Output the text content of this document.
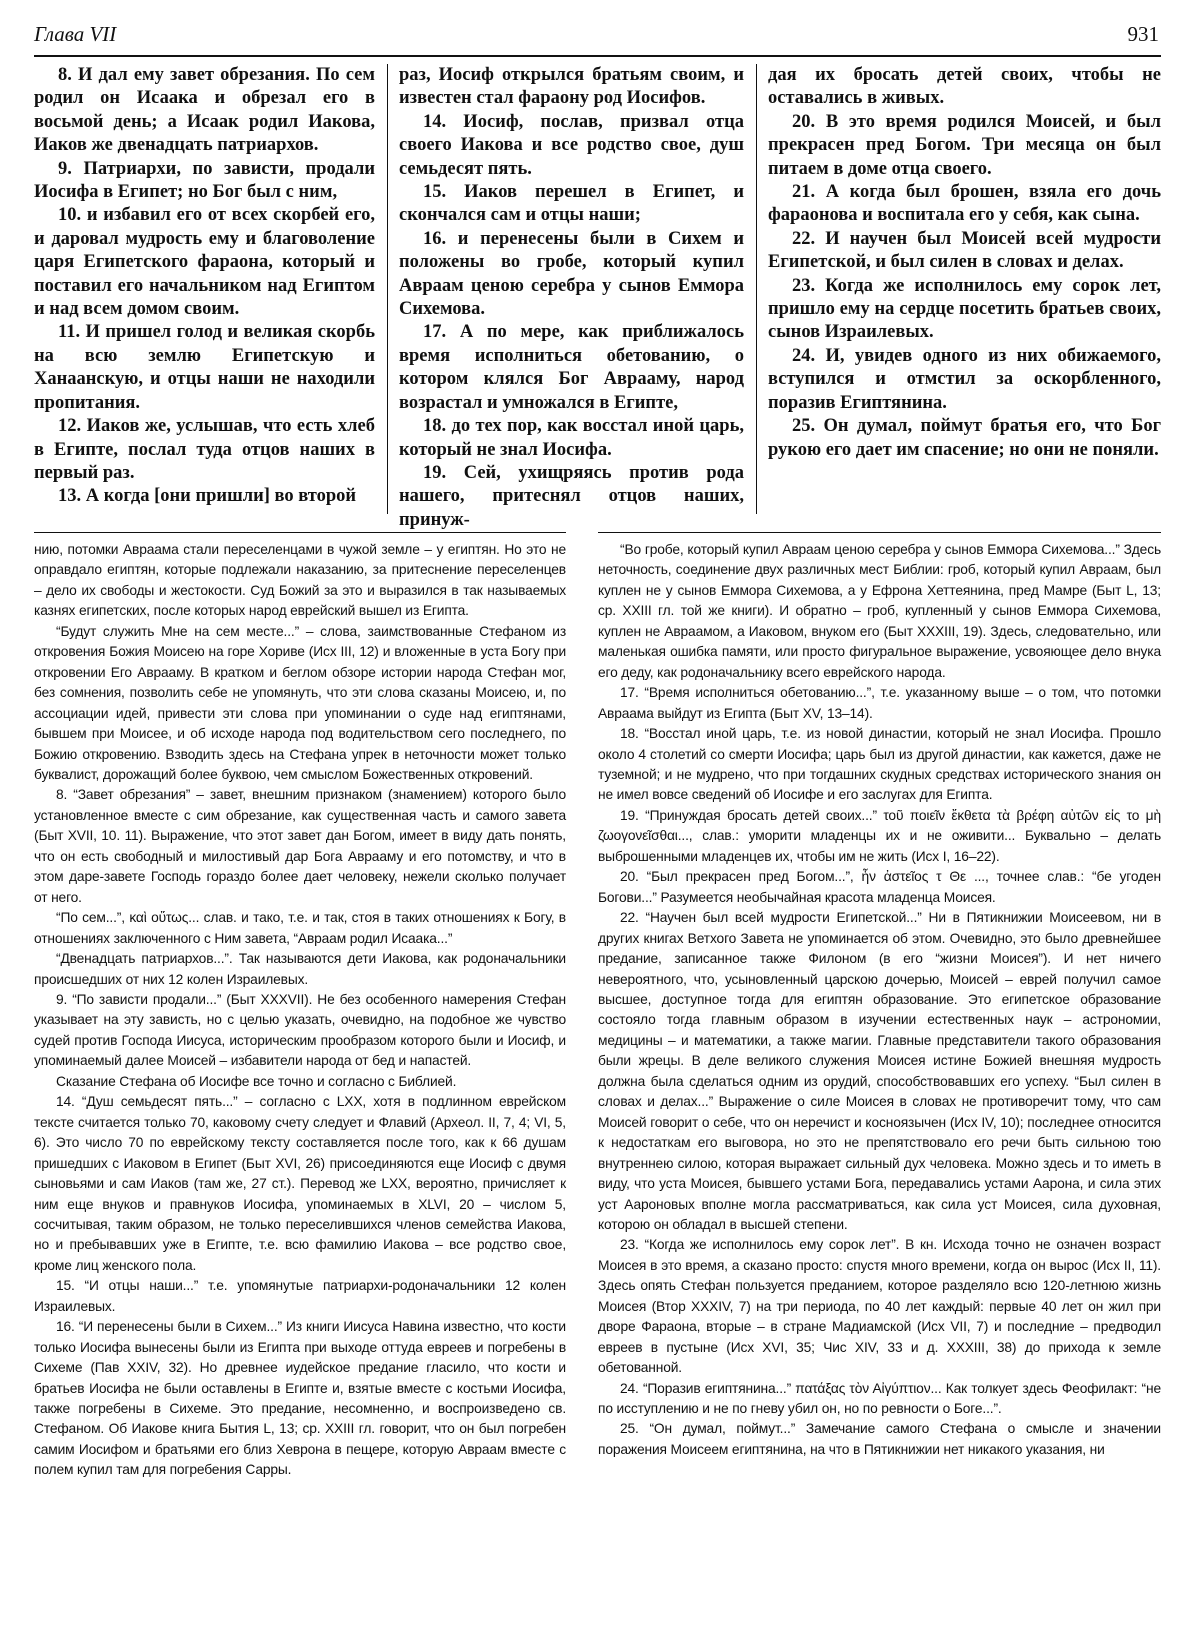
Глава VII	931

8. И дал ему завет обрезания. По сем родил он Исаака и обрезал его в восьмой день; а Исаак родил Иакова, Иаков же двенадцать патриархов.

9. Патриархи, по зависти, продали Иосифа в Египет; но Бог был с ним,

10. и избавил его от всех скорбей его, и даровал мудрость ему и благоволение царя Египетского фараона, который и поставил его начальником над Египтом и над всем домом своим.

11. И пришел голод и великая скорбь на всю землю Египетскую и Ханаанскую, и отцы наши не находили пропитания.

12. Иаков же, услышав, что есть хлеб в Египте, послал туда отцов наших в первый раз.

13. А когда [они пришли] во второй

раз, Иосиф открылся братьям своим, и известен стал фараону род Иосифов.

14. Иосиф, послав, призвал отца своего Иакова и все родство свое, душ семьдесят пять.

15. Иаков перешел в Египет, и скончался сам и отцы наши;

16. и перенесены были в Сихем и положены во гробе, который купил Авраам ценою серебра у сынов Еммора Сихемова.

17. А по мере, как приближалось время исполниться обетованию, о котором клялся Бог Аврааму, народ возрастал и умножался в Египте,

18. до тех пор, как восстал иной царь, который не знал Иосифа.

19. Сей, ухищряясь против рода нашего, притеснял отцов наших, принуж-

дая их бросать детей своих, чтобы не оставались в живых.

20. В это время родился Моисей, и был прекрасен пред Богом. Три месяца он был питаем в доме отца своего.

21. А когда был брошен, взяла его дочь фараонова и воспитала его у себя, как сына.

22. И научен был Моисей всей мудрости Египетской, и был силен в словах и делах.

23. Когда же исполнилось ему сорок лет, пришло ему на сердце посетить братьев своих, сынов Израилевых.

24. И, увидев одного из них обижаемого, вступился и отмстил за оскорбленного, поразив Египтянина.

25. Он думал, поймут братья его, что Бог рукою его дает им спасение; но они не поняли.

нию, потомки Авраама стали переселенцами в чужой земле – у египтян. Но это не оправдало египтян, которые подлежали наказанию, за притеснение переселенцев – дело их свободы и жестокости. Суд Божий за это и выразился в так называемых казнях египетских, после которых народ еврейский вышел из Египта.

“Будут служить Мне на сем месте...” – слова, заимствованные Стефаном из откровения Божия Моисею на горе Хориве (Исх III, 12) и вложенные в уста Богу при откровении Его Аврааму. В кратком и беглом обзоре истории народа Стефан мог, без сомнения, позволить себе не упомянуть, что эти слова сказаны Моисею, и, по ассоциации идей, привести эти слова при упоминании о суде над египтянами, бывшем при Моисее, и об исходе народа под водительством сего последнего, по Божию откровению. Взводить здесь на Стефана упрек в неточности может только буквалист, дорожащий более буквою, чем смыслом Божественных откровений.

8. “Завет обрезания” – завет, внешним признаком (знамением) которого было установленное вместе с сим обрезание, как существенная часть и самого завета (Быт XVII, 10. 11). Выражение, что этот завет дан Богом, имеет в виду дать понять, что он есть свободный и милостивый дар Бога Аврааму и его потомству, и что в этом даре-завете Господь гораздо более дает человеку, нежели сколько получает от него.

“По сем...”, καὶ οὕτως... слав. и тако, т.е. и так, стоя в таких отношениях к Богу, в отношениях заключенного с Ним завета, “Авраам родил Исаака...”

“Двенадцать патриархов...”. Так называются дети Иакова, как родоначальники происшедших от них 12 колен Израилевых.

9. “По зависти продали...” (Быт XXXVII). Не без особенного намерения Стефан указывает на эту зависть, но с целью указать, очевидно, на подобное же чувство судей против Господа Иисуса, историческим прообразом которого были и Иосиф, и упоминаемый далее Моисей – избавители народа от бед и напастей.

Сказание Стефана об Иосифе все точно и согласно с Библией.

14. “Душ семьдесят пять...” – согласно с LXX, хотя в подлинном еврейском тексте считается только 70, каковому счету следует и Флавий (Археол. II, 7, 4; VI, 5, 6). Это число 70 по еврейскому тексту составляется после того, как к 66 душам пришедших с Иаковом в Египет (Быт XVI, 26) присоединяются еще Иосиф с двумя сыновьями и сам Иаков (там же, 27 ст.). Перевод же LXX, вероятно, причисляет к ним еще внуков и правнуков Иосифа, упоминаемых в XLVI, 20 – числом 5, сосчитывая, таким образом, не только переселившихся членов семейства Иакова, но и пребывавших уже в Египте, т.е. всю фамилию Иакова – все родство свое, кроме лиц женского пола.

15. “И отцы наши...” т.е. упомянутые патриархи-родоначальники 12 колен Израилевых.

16. “И перенесены были в Сихем...” Из книги Иисуса Навина известно, что кости только Иосифа вынесены были из Египта при выходе оттуда евреев и погребены в Сихеме (Пав XXIV, 32). Но древнее иудейское предание гласило, что кости и братьев Иосифа не были оставлены в Египте и, взятые вместе с костьми Иосифа, также погребены в Сихеме. Это предание, несомненно, и воспроизведено св. Стефаном. Об Иакове книга Бытия L, 13; ср. XXIII гл. говорит, что он был погребен самим Иосифом и братьями его близ Хеврона в пещере, которую Авраам вместе с полем купил там для погребения Сарры.

“Во гробе, который купил Авраам ценою серебра у сынов Еммора Сихемова...” Здесь неточность, соединение двух различных мест Библии: гроб, который купил Авраам, был куплен не у сынов Еммора Сихемова, а у Ефрона Хеттеянина, пред Мамре (Быт L, 13; ср. XXIII гл. той же книги). И обратно – гроб, купленный у сынов Еммора Сихемова, куплен не Авраамом, а Иаковом, внуком его (Быт XXXIII, 19). Здесь, следовательно, или маленькая ошибка памяти, или просто фигуральное выражение, усвояющее дело внука его деду, как родоначальнику всего еврейского народа.

17. “Время исполниться обетованию...”, т.е. указанному выше – о том, что потомки Авраама выйдут из Египта (Быт XV, 13–14).

18. “Восстал иной царь, т.е. из новой династии, который не знал Иосифа. Прошло около 4 столетий со смерти Иосифа; царь был из другой династии, как кажется, даже не туземной; и не мудрено, что при тогдашних скудных средствах исторического знания он не имел вовсе сведений об Иосифе и его заслугах для Египта.

19. “Принуждая бросать детей своих...” τοῦ ποιεῖν ἔκθετα τὰ βρέφη αὐτῶν εἰς το μὴ ζωογονεῖσθαι..., слав.: уморити младенцы их и не оживити... Буквально – делать выброшенными младенцев их, чтобы им не жить (Исх I, 16–22).

20. “Был прекрасен пред Богом...”, ἦν ἀστεῖος τ Θε ..., точнее слав.: “бе угоден Богови...” Разумеется необычайная красота младенца Моисея.

22. “Научен был всей мудрости Египетской...” Ни в Пятикнижии Моисеевом, ни в других книгах Ветхого Завета не упоминается об этом. Очевидно, это было древнейшее предание, записанное также Филоном (в его “жизни Моисея”). И нет ничего невероятного, что, усыновленный царскою дочерью, Моисей – еврей получил самое высшее, доступное тогда для египтян образование. Это египетское образование состояло тогда главным образом в изучении естественных наук – астрономии, медицины – и математики, а также магии. Главные представители такого образования были жрецы. В деле великого служения Моисея истине Божией внешняя мудрость должна была сделаться одним из орудий, способствовавших его успеху. “Был силен в словах и делах...” Выражение о силе Моисея в словах не противоречит тому, что сам Моисей говорит о себе, что он неречист и косноязычен (Исх IV, 10); последнее относится к недостаткам его выговора, но это не препятствовало его речи быть сильною тою внутреннею силою, которая выражает сильный дух человека. Можно здесь и то иметь в виду, что уста Моисея, бывшего устами Бога, передавались устами Аарона, и сила этих уст Аароновых вполне могла рассматриваться, как сила уст Моисея, сила духовная, которою он обладал в высшей степени.

23. “Когда же исполнилось ему сорок лет”. В кн. Исхода точно не означен возраст Моисея в это время, а сказано просто: спустя много времени, когда он вырос (Исх II, 11). Здесь опять Стефан пользуется преданием, которое разделяло всю 120-летнюю жизнь Моисея (Втор XXXIV, 7) на три периода, по 40 лет каждый: первые 40 лет он жил при дворе Фараона, вторые – в стране Мадиамской (Исх VII, 7) и последние – предводил евреев в пустыне (Исх XVI, 35; Чис XIV, 33 и д. XXXIII, 38) до прихода к земле обетованной.

24. “Поразив египтянина...” πατάξας τὸν Αἰγύπτιον... Как толкует здесь Феофилакт: “не по исступлению и не по гневу убил он, но по ревности о Боге...”.

25. “Он думал, поймут...” Замечание самого Стефана о смысле и значении поражения Моисеем египтянина, на что в Пятикнижии нет никакого указания, ни
